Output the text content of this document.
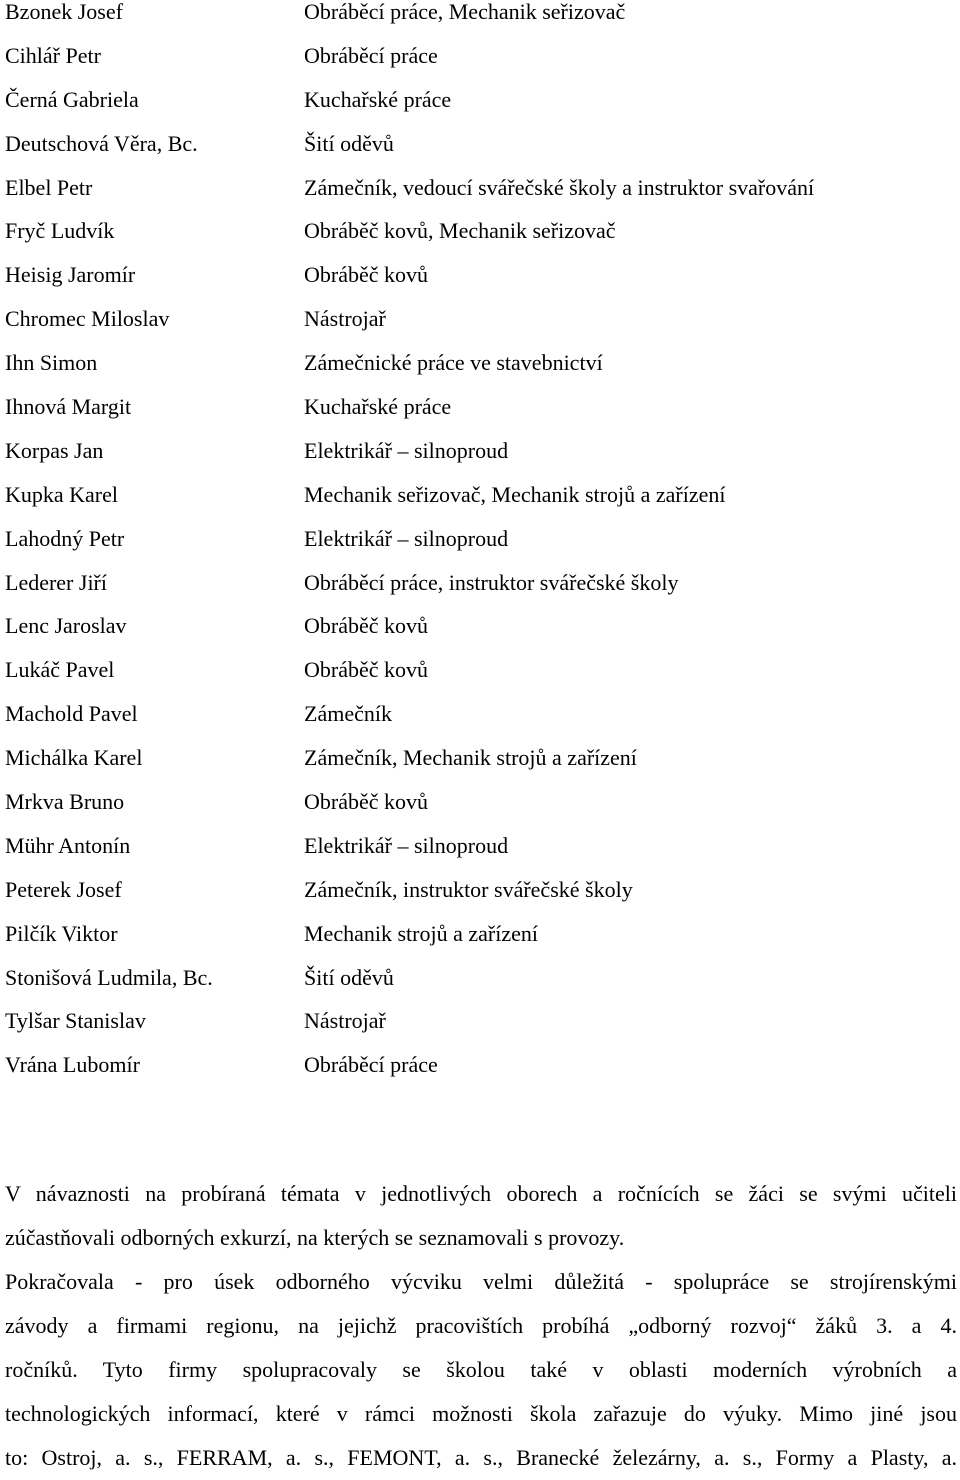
Bzonek Josef	Obráběcí práce, Mechanik seřizovač
Cihlář Petr	Obráběcí práce
Černá Gabriela	Kuchařské práce
Deutschová Věra, Bc.	Šití oděvů
Elbel Petr	Zámečník, vedoucí svářečské školy a instruktor svařování
Fryč Ludvík	Obráběč kovů, Mechanik seřizovač
Heisig Jaromír	Obráběč kovů
Chromec Miloslav	Nástrojař
Ihn Simon	Zámečnické práce ve stavebnictví
Ihnová Margit	Kuchařské práce
Korpas Jan	Elektrikář – silnoproud
Kupka Karel	Mechanik seřizovač, Mechanik strojů a zařízení
Lahodný Petr	Elektrikář – silnoproud
Lederer Jiří	Obráběcí práce, instruktor svářečské školy
Lenc Jaroslav	Obráběč kovů
Lukáč Pavel	Obráběč kovů
Machold Pavel	Zámečník
Michálka Karel	Zámečník, Mechanik strojů a zařízení
Mrkva Bruno	Obráběč kovů
Mühr Antonín	Elektrikář – silnoproud
Peterek Josef	Zámečník, instruktor svářečské školy
Pilčík Viktor	Mechanik strojů a zařízení
Stonišová Ludmila, Bc.	Šití oděvů
Tylšar Stanislav	Nástrojař
Vrána Lubomír	Obráběcí práce
V návaznosti na probíraná témata v jednotlivých oborech a ročnících se žáci se svými učiteli
zúčastňovali odborných exkurzí, na kterých se seznamovali s provozy.
Pokračovala - pro úsek odborného výcviku velmi důležitá - spolupráce se strojírenskými
závody a firmami regionu, na jejichž pracovištích probíhá „odborný rozvoj“ žáků 3. a 4.
ročníků. Tyto firmy spolupracovaly se školou také v oblasti moderních výrobních a
technologických informací, které v rámci možnosti škola zařazuje do výuky. Mimo jiné jsou
to: Ostroj, a. s., FERRAM, a. s., FEMONT, a. s., Branecké železárny, a. s., Formy a Plasty, a.
